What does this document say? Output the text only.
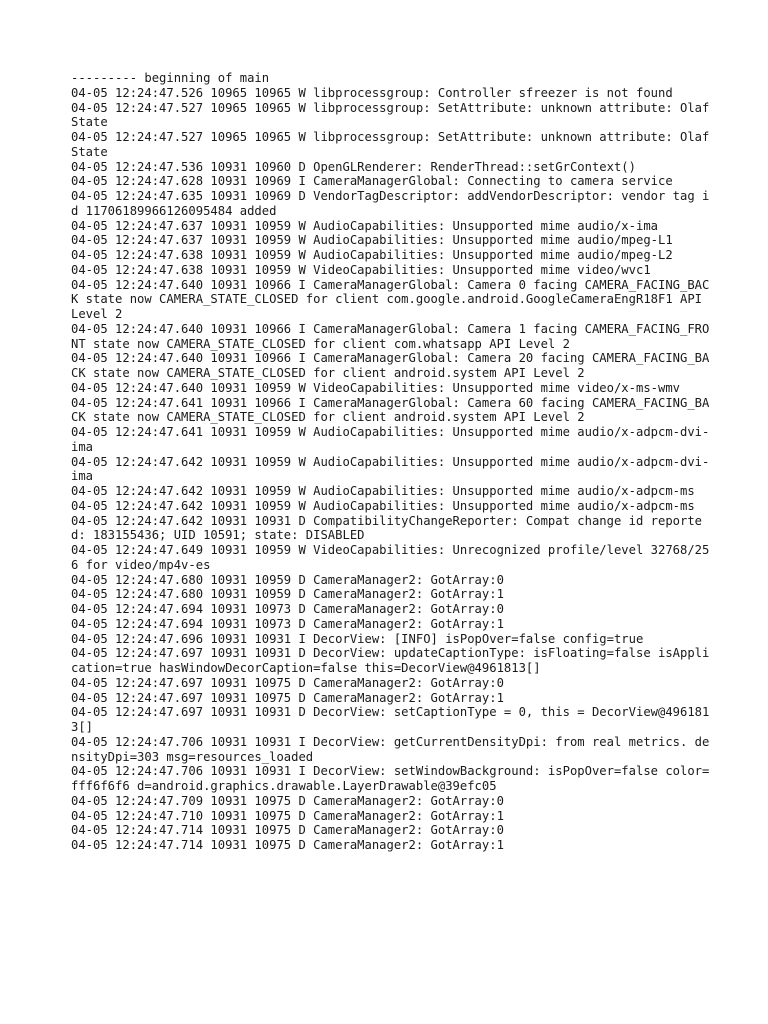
--------- beginning of main

04-05 12:24:47.526 10965 10965 W libprocessgroup: Controller sfreezer is not found

04-05 12:24:47.527 10965 10965 W libprocessgroup: SetAttribute: unknown attribute: OlafState

04-05 12:24:47.527 10965 10965 W libprocessgroup: SetAttribute: unknown attribute: OlafState

04-05 12:24:47.536 10931 10960 D OpenGLRenderer: RenderThread::setGrContext()

04-05 12:24:47.628 10931 10969 I CameraManagerGlobal: Connecting to camera service

04-05 12:24:47.635 10931 10969 D VendorTagDescriptor: addVendorDescriptor: vendor tag id 11706189966126095484 added

04-05 12:24:47.637 10931 10959 W AudioCapabilities: Unsupported mime audio/x-ima

04-05 12:24:47.637 10931 10959 W AudioCapabilities: Unsupported mime audio/mpeg-L1

04-05 12:24:47.638 10931 10959 W AudioCapabilities: Unsupported mime audio/mpeg-L2

04-05 12:24:47.638 10931 10959 W VideoCapabilities: Unsupported mime video/wvc1

04-05 12:24:47.640 10931 10966 I CameraManagerGlobal: Camera 0 facing CAMERA_FACING_BACK state now CAMERA_STATE_CLOSED for client com.google.android.GoogleCameraEngR18F1 API Level 2

04-05 12:24:47.640 10931 10966 I CameraManagerGlobal: Camera 1 facing CAMERA_FACING_FRONT state now CAMERA_STATE_CLOSED for client com.whatsapp API Level 2

04-05 12:24:47.640 10931 10966 I CameraManagerGlobal: Camera 20 facing CAMERA_FACING_BACK state now CAMERA_STATE_CLOSED for client android.system API Level 2

04-05 12:24:47.640 10931 10959 W VideoCapabilities: Unsupported mime video/x-ms-wmv

04-05 12:24:47.641 10931 10966 I CameraManagerGlobal: Camera 60 facing CAMERA_FACING_BACK state now CAMERA_STATE_CLOSED for client android.system API Level 2

04-05 12:24:47.641 10931 10959 W AudioCapabilities: Unsupported mime audio/x-adpcm-dvi-ima

04-05 12:24:47.642 10931 10959 W AudioCapabilities: Unsupported mime audio/x-adpcm-dvi-ima

04-05 12:24:47.642 10931 10959 W AudioCapabilities: Unsupported mime audio/x-adpcm-ms

04-05 12:24:47.642 10931 10959 W AudioCapabilities: Unsupported mime audio/x-adpcm-ms

04-05 12:24:47.642 10931 10931 D CompatibilityChangeReporter: Compat change id reported: 183155436; UID 10591; state: DISABLED

04-05 12:24:47.649 10931 10959 W VideoCapabilities: Unrecognized profile/level 32768/256 for video/mp4v-es

04-05 12:24:47.680 10931 10959 D CameraManager2: GotArray:0

04-05 12:24:47.680 10931 10959 D CameraManager2: GotArray:1

04-05 12:24:47.694 10931 10973 D CameraManager2: GotArray:0

04-05 12:24:47.694 10931 10973 D CameraManager2: GotArray:1

04-05 12:24:47.696 10931 10931 I DecorView: [INFO] isPopOver=false config=true

04-05 12:24:47.697 10931 10931 D DecorView: updateCaptionType: isFloating=false isApplication=true hasWindowDecorCaption=false this=DecorView@4961813[]

04-05 12:24:47.697 10931 10975 D CameraManager2: GotArray:0

04-05 12:24:47.697 10931 10975 D CameraManager2: GotArray:1

04-05 12:24:47.697 10931 10931 D DecorView: setCaptionType = 0, this = DecorView@4961813[]

04-05 12:24:47.706 10931 10931 I DecorView: getCurrentDensityDpi: from real metrics. densityDpi=303 msg=resources_loaded

04-05 12:24:47.706 10931 10931 I DecorView: setWindowBackground: isPopOver=false color=fff6f6f6 d=android.graphics.drawable.LayerDrawable@39efc05

04-05 12:24:47.709 10931 10975 D CameraManager2: GotArray:0

04-05 12:24:47.710 10931 10975 D CameraManager2: GotArray:1

04-05 12:24:47.714 10931 10975 D CameraManager2: GotArray:0

04-05 12:24:47.714 10931 10975 D CameraManager2: GotArray:1
